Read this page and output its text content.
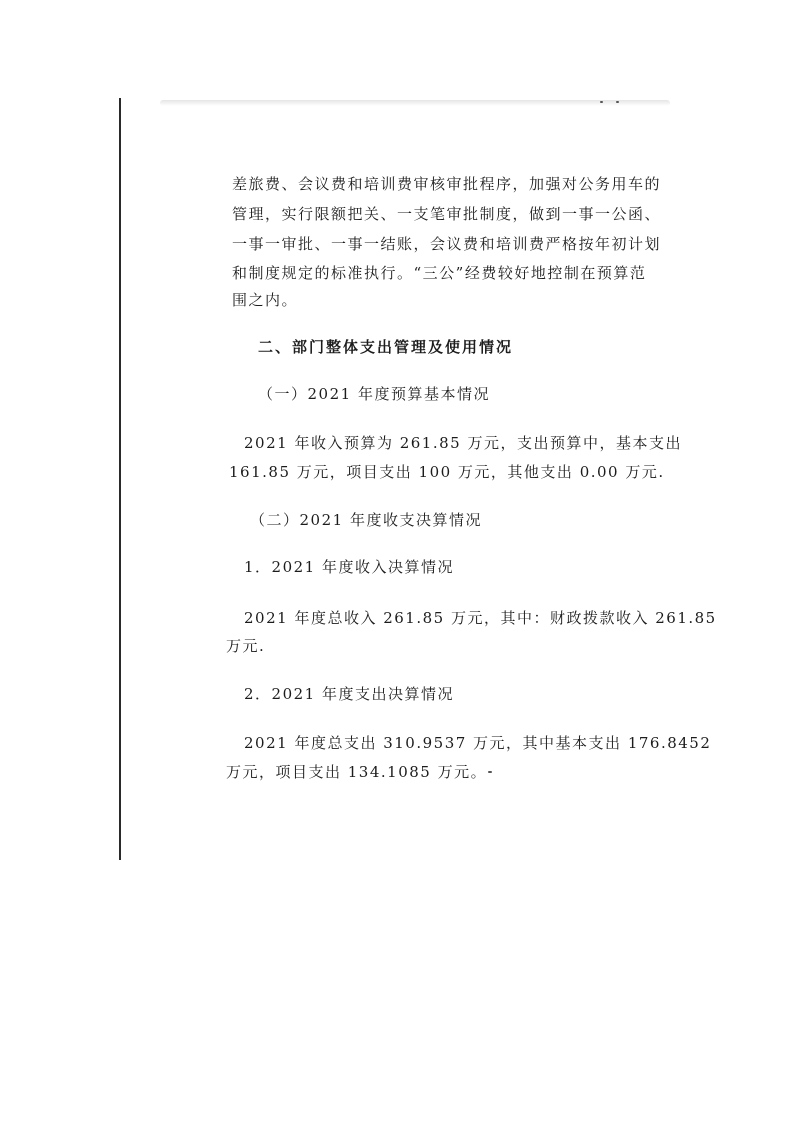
差旅费、会议费和培训费审核审批程序，加强对公务用车的
管理，实行限额把关、一支笔审批制度，做到一事一公函、
一事一审批、一事一结账，会议费和培训费严格按年初计划
和制度规定的标准执行。“三公”经费较好地控制在预算范
围之内。
二、部门整体支出管理及使用情况
（一）2021 年度预算基本情况
2021 年收入预算为 261.85 万元，支出预算中，基本支出
161.85 万元，项目支出 100 万元，其他支出 0.00 万元.
（二）2021 年度收支决算情况
1．2021 年度收入决算情况
2021 年度总收入 261.85 万元，其中：财政拨款收入 261.85
万元.
2．2021 年度支出决算情况
2021 年度总支出 310.9537 万元，其中基本支出 176.8452
万元，项目支出 134.1085 万元。
